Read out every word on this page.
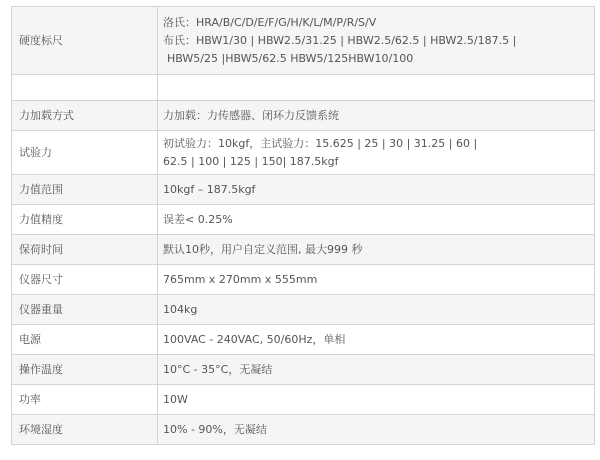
硬度标尺	洛氏：HRA/B/C/D/E/F/G/H/K/L/M/P/R/S/V
布氏：HBW1/30 | HBW2.5/31.25 | HBW2.5/62.5 | HBW2.5/187.5 |
HBW5/25 |HBW5/62.5 HBW5/125HBW10/100

力加载方式	力加载：力传感器、闭环力反馈系统

试验力	初试验力：10kgf，主试验力：15.625 | 25 | 30 | 31.25 | 60 |
62.5 | 100 | 125 | 150| 187.5kgf

力值范围	10kgf – 187.5kgf

力值精度	误差< 0.25%

保荷时间	默认10秒，用户自定义范围, 最大999 秒

仪器尺寸	765mm x 270mm x 555mm

仪器重量	104kg

电源	100VAC - 240VAC, 50/60Hz，单相

操作温度	10°C - 35°C，无凝结

功率	10W

环境湿度	10% - 90%，无凝结
